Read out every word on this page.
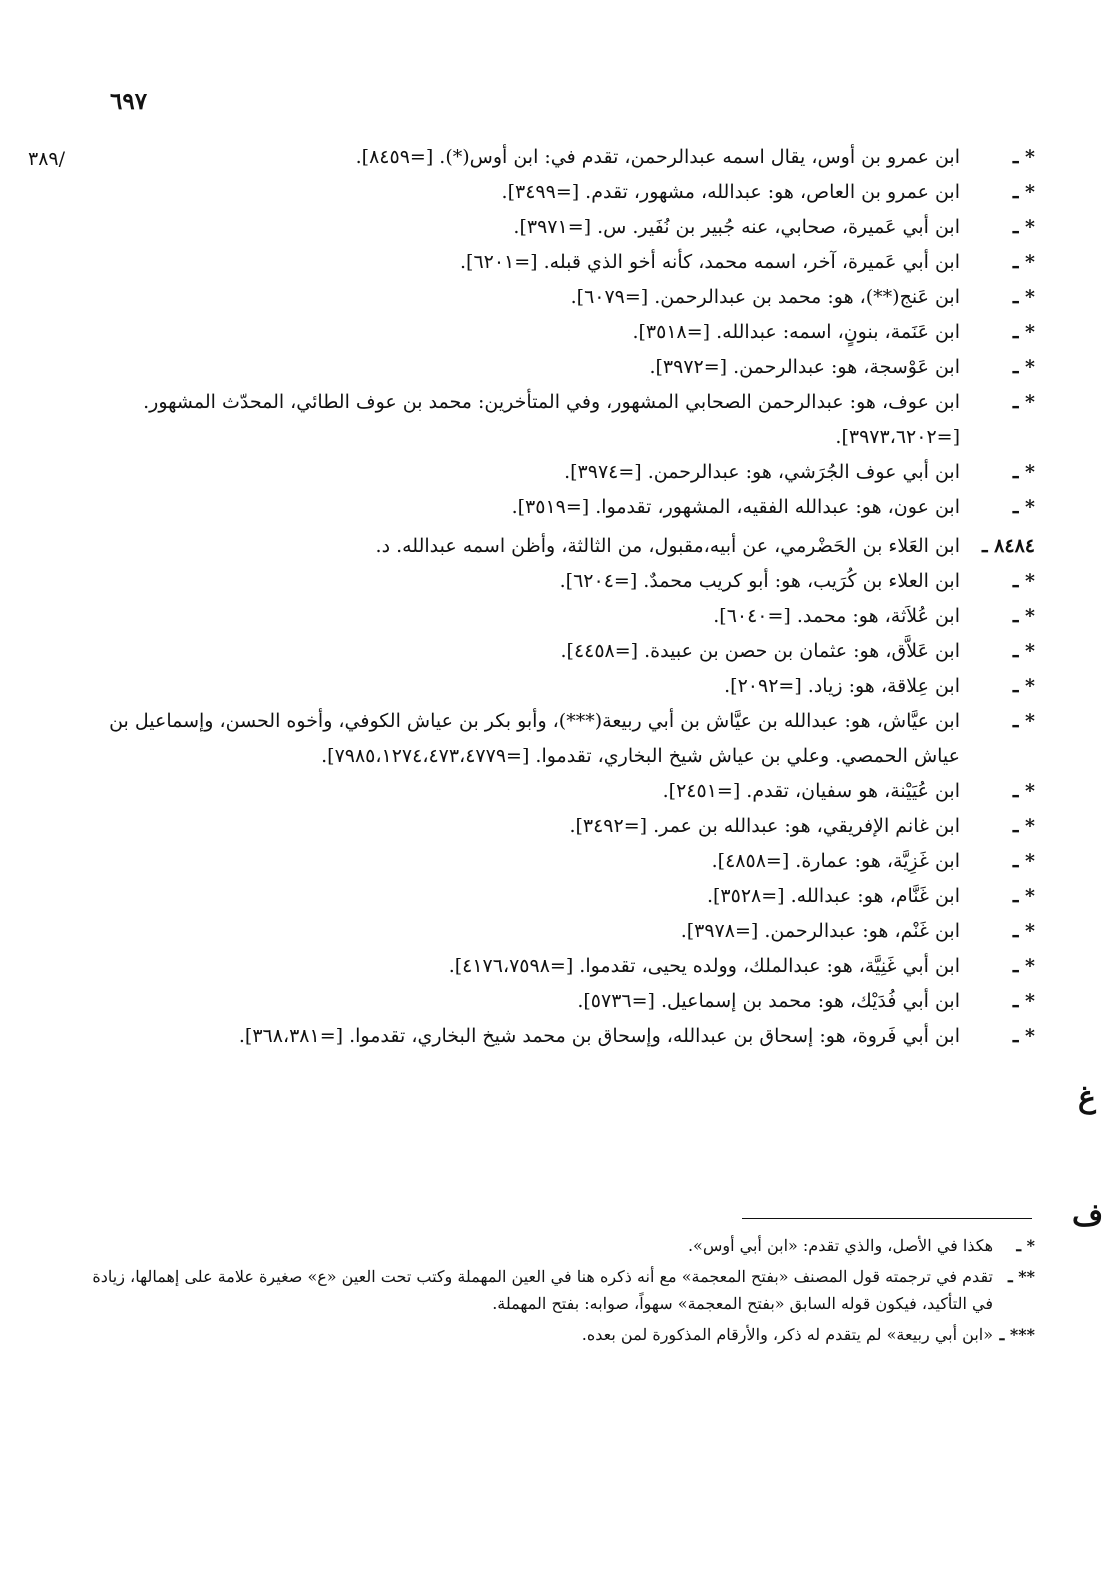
٦٩٧
/٣٨٩
غ
ف
* ـ
ابن عمرو بن أوس، يقال اسمه عبدالرحمن، تقدم في: ابن أوس(*). [=٨٤٥٩].
* ـ
ابن عمرو بن العاص، هو: عبدالله، مشهور، تقدم. [=٣٤٩٩].
* ـ
ابن أبي عَميرة، صحابي، عنه جُبير بن نُفَير. س. [=٣٩٧١].
* ـ
ابن أبي عَميرة، آخر، اسمه محمد، كأنه أخو الذي قبله. [=٦٢٠١].
* ـ
ابن عَنج(**)، هو: محمد بن عبدالرحمن. [=٦٠٧٩].
* ـ
ابن عَنَمة، بنونٍ، اسمه: عبدالله. [=٣٥١٨].
* ـ
ابن عَوْسجة، هو: عبدالرحمن. [=٣٩٧٢].
* ـ
ابن عوف، هو: عبدالرحمن الصحابي المشهور، وفي المتأخرين: محمد بن عوف الطائي، المحدّث المشهور. [=٣٩٧٣،٦٢٠٢].
* ـ
ابن أبي عوف الجُرَشي، هو: عبدالرحمن. [=٣٩٧٤].
* ـ
ابن عون، هو: عبدالله الفقيه، المشهور، تقدموا. [=٣٥١٩].
٨٤٨٤ ـ
ابن العَلاء بن الحَضْرمي، عن أبيه،مقبول، من الثالثة، وأظن اسمه عبدالله. د.
* ـ
ابن العلاء بن كُرَيب، هو: أبو كريب محمدٌ. [=٦٢٠٤].
* ـ
ابن عُلاَثة، هو: محمد. [=٦٠٤٠].
* ـ
ابن عَلاَّق، هو: عثمان بن حصن بن عبيدة. [=٤٤٥٨].
* ـ
ابن عِلاقة، هو: زياد. [=٢٠٩٢].
* ـ
ابن عيَّاش، هو: عبدالله بن عيَّاش بن أبي ربيعة(***)، وأبو بكر بن عياش الكوفي، وأخوه الحسن، وإسماعيل بن عياش الحمصي. وعلي بن عياش شيخ البخاري، تقدموا. [=٧٩٨٥،١٢٧٤،٤٧٣،٤٧٧٩].
* ـ
ابن عُيَيْنة، هو سفيان، تقدم. [=٢٤٥١].
* ـ
ابن غانم الإفريقي، هو: عبدالله بن عمر. [=٣٤٩٢].
* ـ
ابن غَزِيَّة، هو: عمارة. [=٤٨٥٨].
* ـ
ابن غَنَّام، هو: عبدالله. [=٣٥٢٨].
* ـ
ابن غَنْم، هو: عبدالرحمن. [=٣٩٧٨].
* ـ
ابن أبي غَنِيَّة، هو: عبدالملك، وولده يحيى، تقدموا. [=٤١٧٦،٧٥٩٨].
* ـ
ابن أبي فُدَيْك، هو: محمد بن إسماعيل. [=٥٧٣٦].
* ـ
ابن أبي فَروة، هو: إسحاق بن عبدالله، وإسحاق بن محمد شيخ البخاري، تقدموا. [=٣٦٨،٣٨١].
* ـ
هكذا في الأصل، والذي تقدم: «ابن أبي أوس».
** ـ
تقدم في ترجمته قول المصنف «بفتح المعجمة» مع أنه ذكره هنا في العين المهملة وكتب تحت العين «ع» صغيرة علامة على إهمالها، زيادة في التأكيد، فيكون قوله السابق «بفتح المعجمة» سهواً، صوابه: بفتح المهملة.
*** ـ
«ابن أبي ربيعة» لم يتقدم له ذكر، والأرقام المذكورة لمن بعده.
